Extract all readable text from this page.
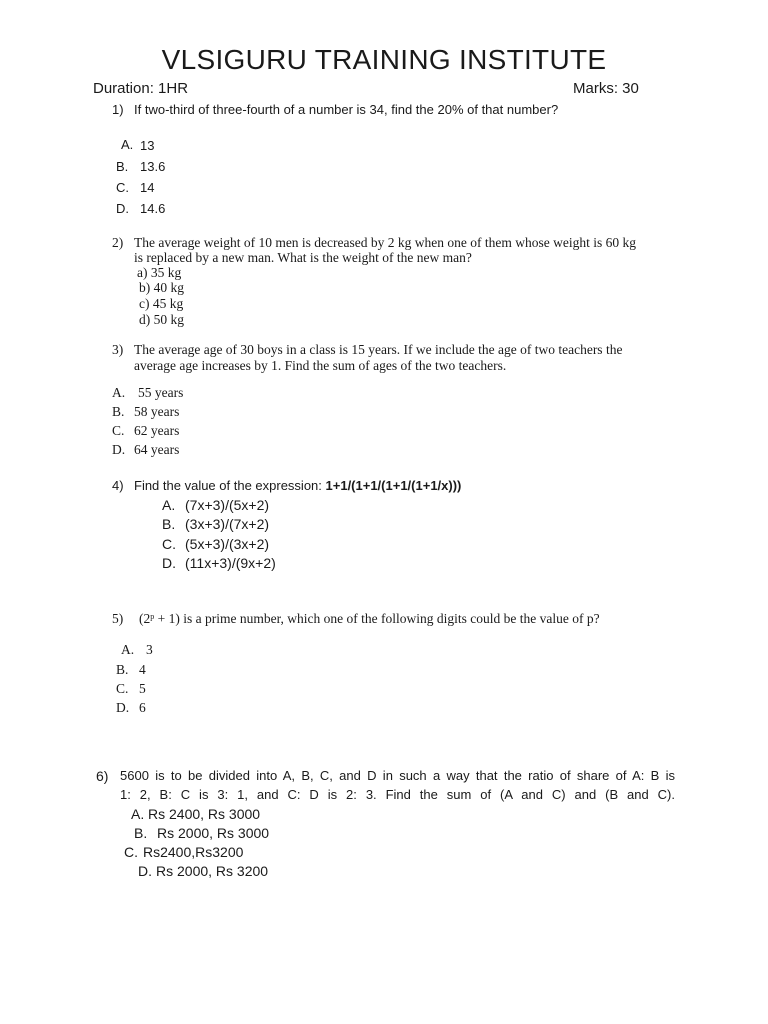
VLSIGURU TRAINING INSTITUTE
Duration: 1HR	Marks: 30
1) If two-third of three-fourth of a number is 34, find the 20% of that number?
A. 13
B. 13.6
C. 14
D. 14.6
2) The average weight of 10 men is decreased by 2 kg when one of them whose weight is 60 kg
is replaced by a new man. What is the weight of the new man?
a) 35 kg
b) 40 kg
c) 45 kg
d) 50 kg
3) The average age of 30 boys in a class is 15 years. If we include the age of two teachers the
average age increases by 1. Find the sum of ages of the two teachers.
A. 55 years
B. 58 years
C. 62 years
D. 64 years
4) Find the value of the expression: 1+1/(1+1/(1+1/(1+1/x)))
A. (7x+3)/(5x+2)
B. (3x+3)/(7x+2)
C. (5x+3)/(3x+2)
D. (11x+3)/(9x+2)
5) $(2^p + 1)$ is a prime number, which one of the following digits could be the value of p?
A. 3
B. 4
C. 5
D. 6
6) 5600 is to be divided into A, B, C, and D in such a way that the ratio of share of A: B is
1: 2, B: C is 3: 1, and C: D is 2: 3. Find the sum of (A and C) and (B and C).
A. Rs 2400, Rs 3000
B. Rs 2000, Rs 3000
C. Rs2400,Rs3200
D. Rs 2000, Rs 3200
